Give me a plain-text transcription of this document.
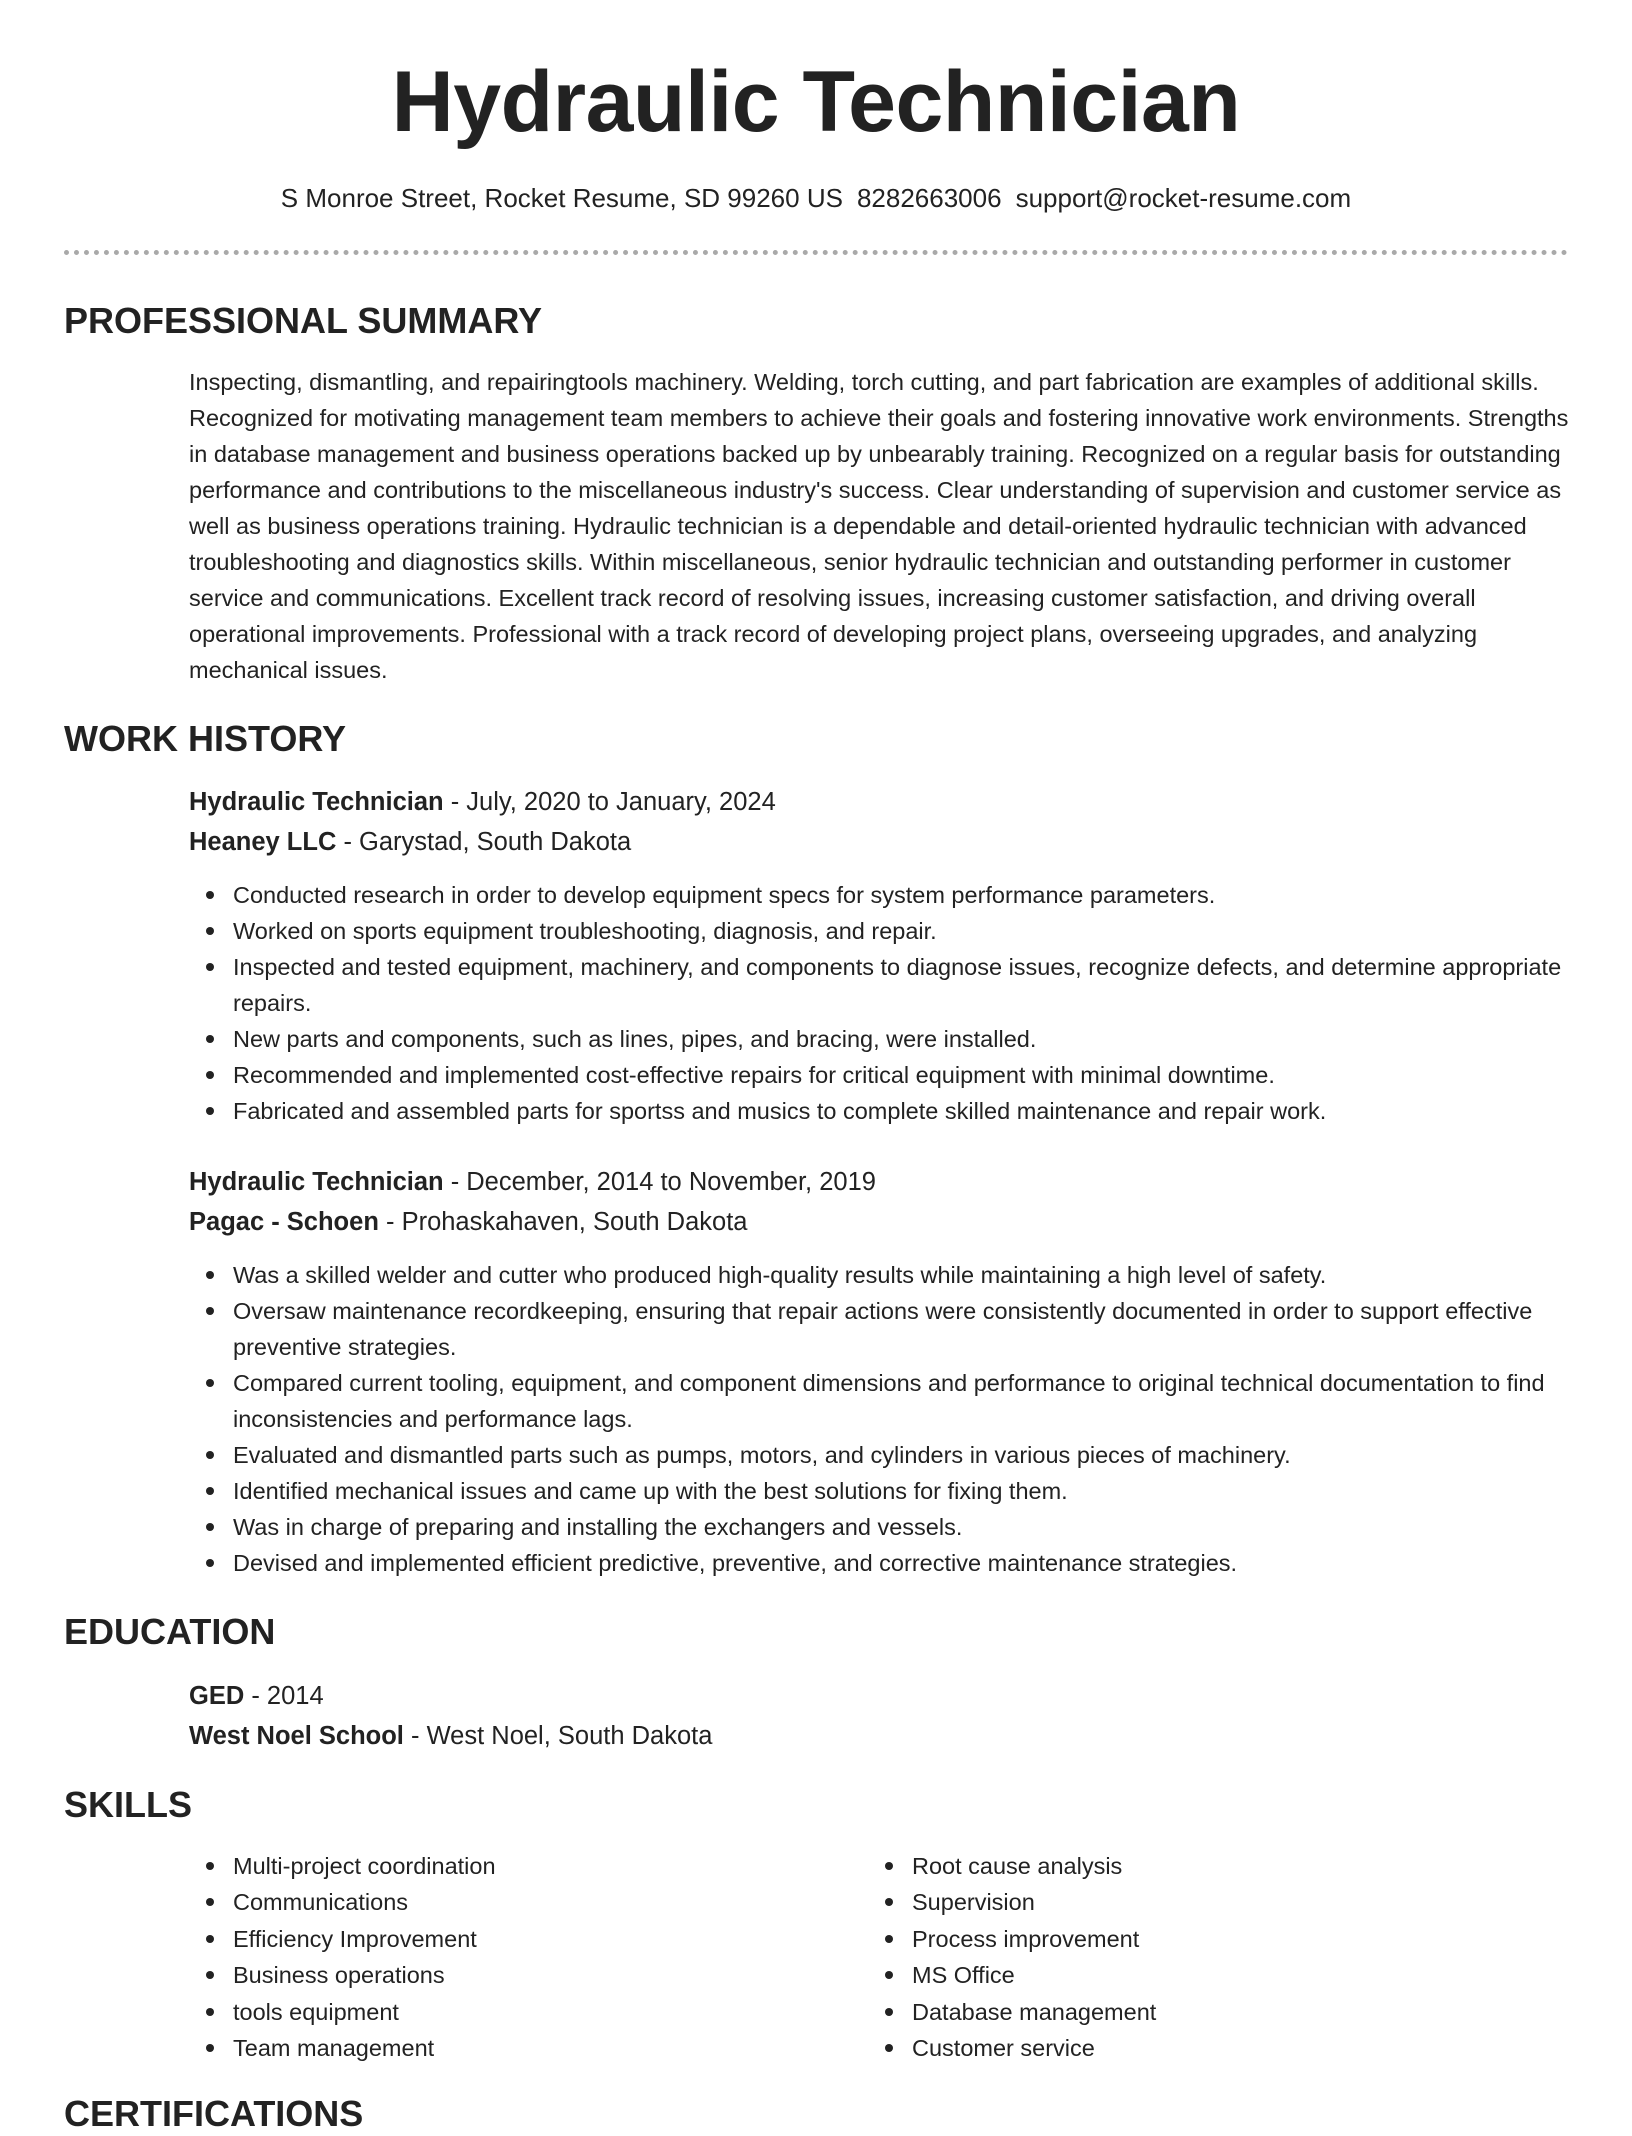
Hydraulic Technician
S Monroe Street, Rocket Resume, SD 99260 US 8282663006 support@rocket-resume.com
PROFESSIONAL SUMMARY

Inspecting, dismantling, and repairingtools machinery. Welding, torch cutting, and part fabrication are examples of additional skills. Recognized for motivating management team members to achieve their goals and fostering innovative work environments. Strengths in database management and business operations backed up by unbearably training. Recognized on a regular basis for outstanding performance and contributions to the miscellaneous industry's success. Clear understanding of supervision and customer service as well as business operations training. Hydraulic technician is a dependable and detail-oriented hydraulic technician with advanced troubleshooting and diagnostics skills. Within miscellaneous, senior hydraulic technician and outstanding performer in customer service and communications. Excellent track record of resolving issues, increasing customer satisfaction, and driving overall operational improvements. Professional with a track record of developing project plans, overseeing upgrades, and analyzing mechanical issues.

WORK HISTORY
Hydraulic Technician - July, 2020 to January, 2024
Heaney LLC - Garystad, South Dakota
Conducted research in order to develop equipment specs for system performance parameters.
Worked on sports equipment troubleshooting, diagnosis, and repair.
Inspected and tested equipment, machinery, and components to diagnose issues, recognize defects, and determine appropriate repairs.
New parts and components, such as lines, pipes, and bracing, were installed.
Recommended and implemented cost-effective repairs for critical equipment with minimal downtime.
Fabricated and assembled parts for sportss and musics to complete skilled maintenance and repair work.
Hydraulic Technician - December, 2014 to November, 2019
Pagac - Schoen - Prohaskahaven, South Dakota
Was a skilled welder and cutter who produced high-quality results while maintaining a high level of safety.
Oversaw maintenance recordkeeping, ensuring that repair actions were consistently documented in order to support effective preventive strategies.
Compared current tooling, equipment, and component dimensions and performance to original technical documentation to find inconsistencies and performance lags.
Evaluated and dismantled parts such as pumps, motors, and cylinders in various pieces of machinery.
Identified mechanical issues and came up with the best solutions for fixing them.
Was in charge of preparing and installing the exchangers and vessels.
Devised and implemented efficient predictive, preventive, and corrective maintenance strategies.
EDUCATION
GED - 2014
West Noel School - West Noel, South Dakota
SKILLS
Multi-project coordination
Communications
Efficiency Improvement
Business operations
tools equipment
Team management
Root cause analysis
Supervision
Process improvement
MS Office
Database management
Customer service
CERTIFICATIONS
